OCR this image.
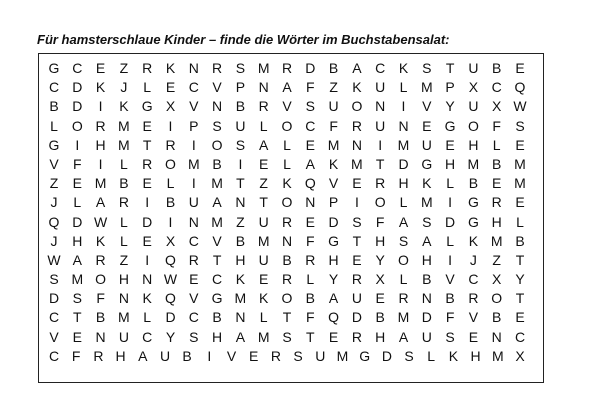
Für hamsterschlaue Kinder – finde die Wörter im Buchstabensalat:
G C E	Z R K N R S M R D B A C K S	T U B E
C D K	J	L	E C V P N A	F	Z	K U	L M P X C Q
B D	I	K G X V N B R V S U O N	I	V Y U X W
L O R M E	I	P S U	L O C F R U N E G O F	S
G	I	H M T R	I	O S A	L	E M N	I	M U E H	L	E
V	F	I	L	R O M B	I	E	L	A K M T D G H M B M
Z	E M B E	L	I	M T	Z	K Q V E R H K	L	B E M
J	L	A R	I	B U A N T O N P	I	O L M	I	G R E
Q D W L	D	I	N M Z U R E D S	F	A S D G H	L
J	H K	L	E X C V B M N F G T H S A	L	K M B
W A R Z	I	Q R T H U B R H E Y O H	I	J	Z	T
S M O H N W E C K E R	L	Y R X	L	B V C X Y
D S	F N K Q V G M K O B A U E R N B R O T
C T	B M L	D C B N	L	T	F Q D B M D F	V B E
V E N U C Y S H A M S	T	E R H A U S E N C
C F R H A U B	I	V E R S U M G D S L K H M X
